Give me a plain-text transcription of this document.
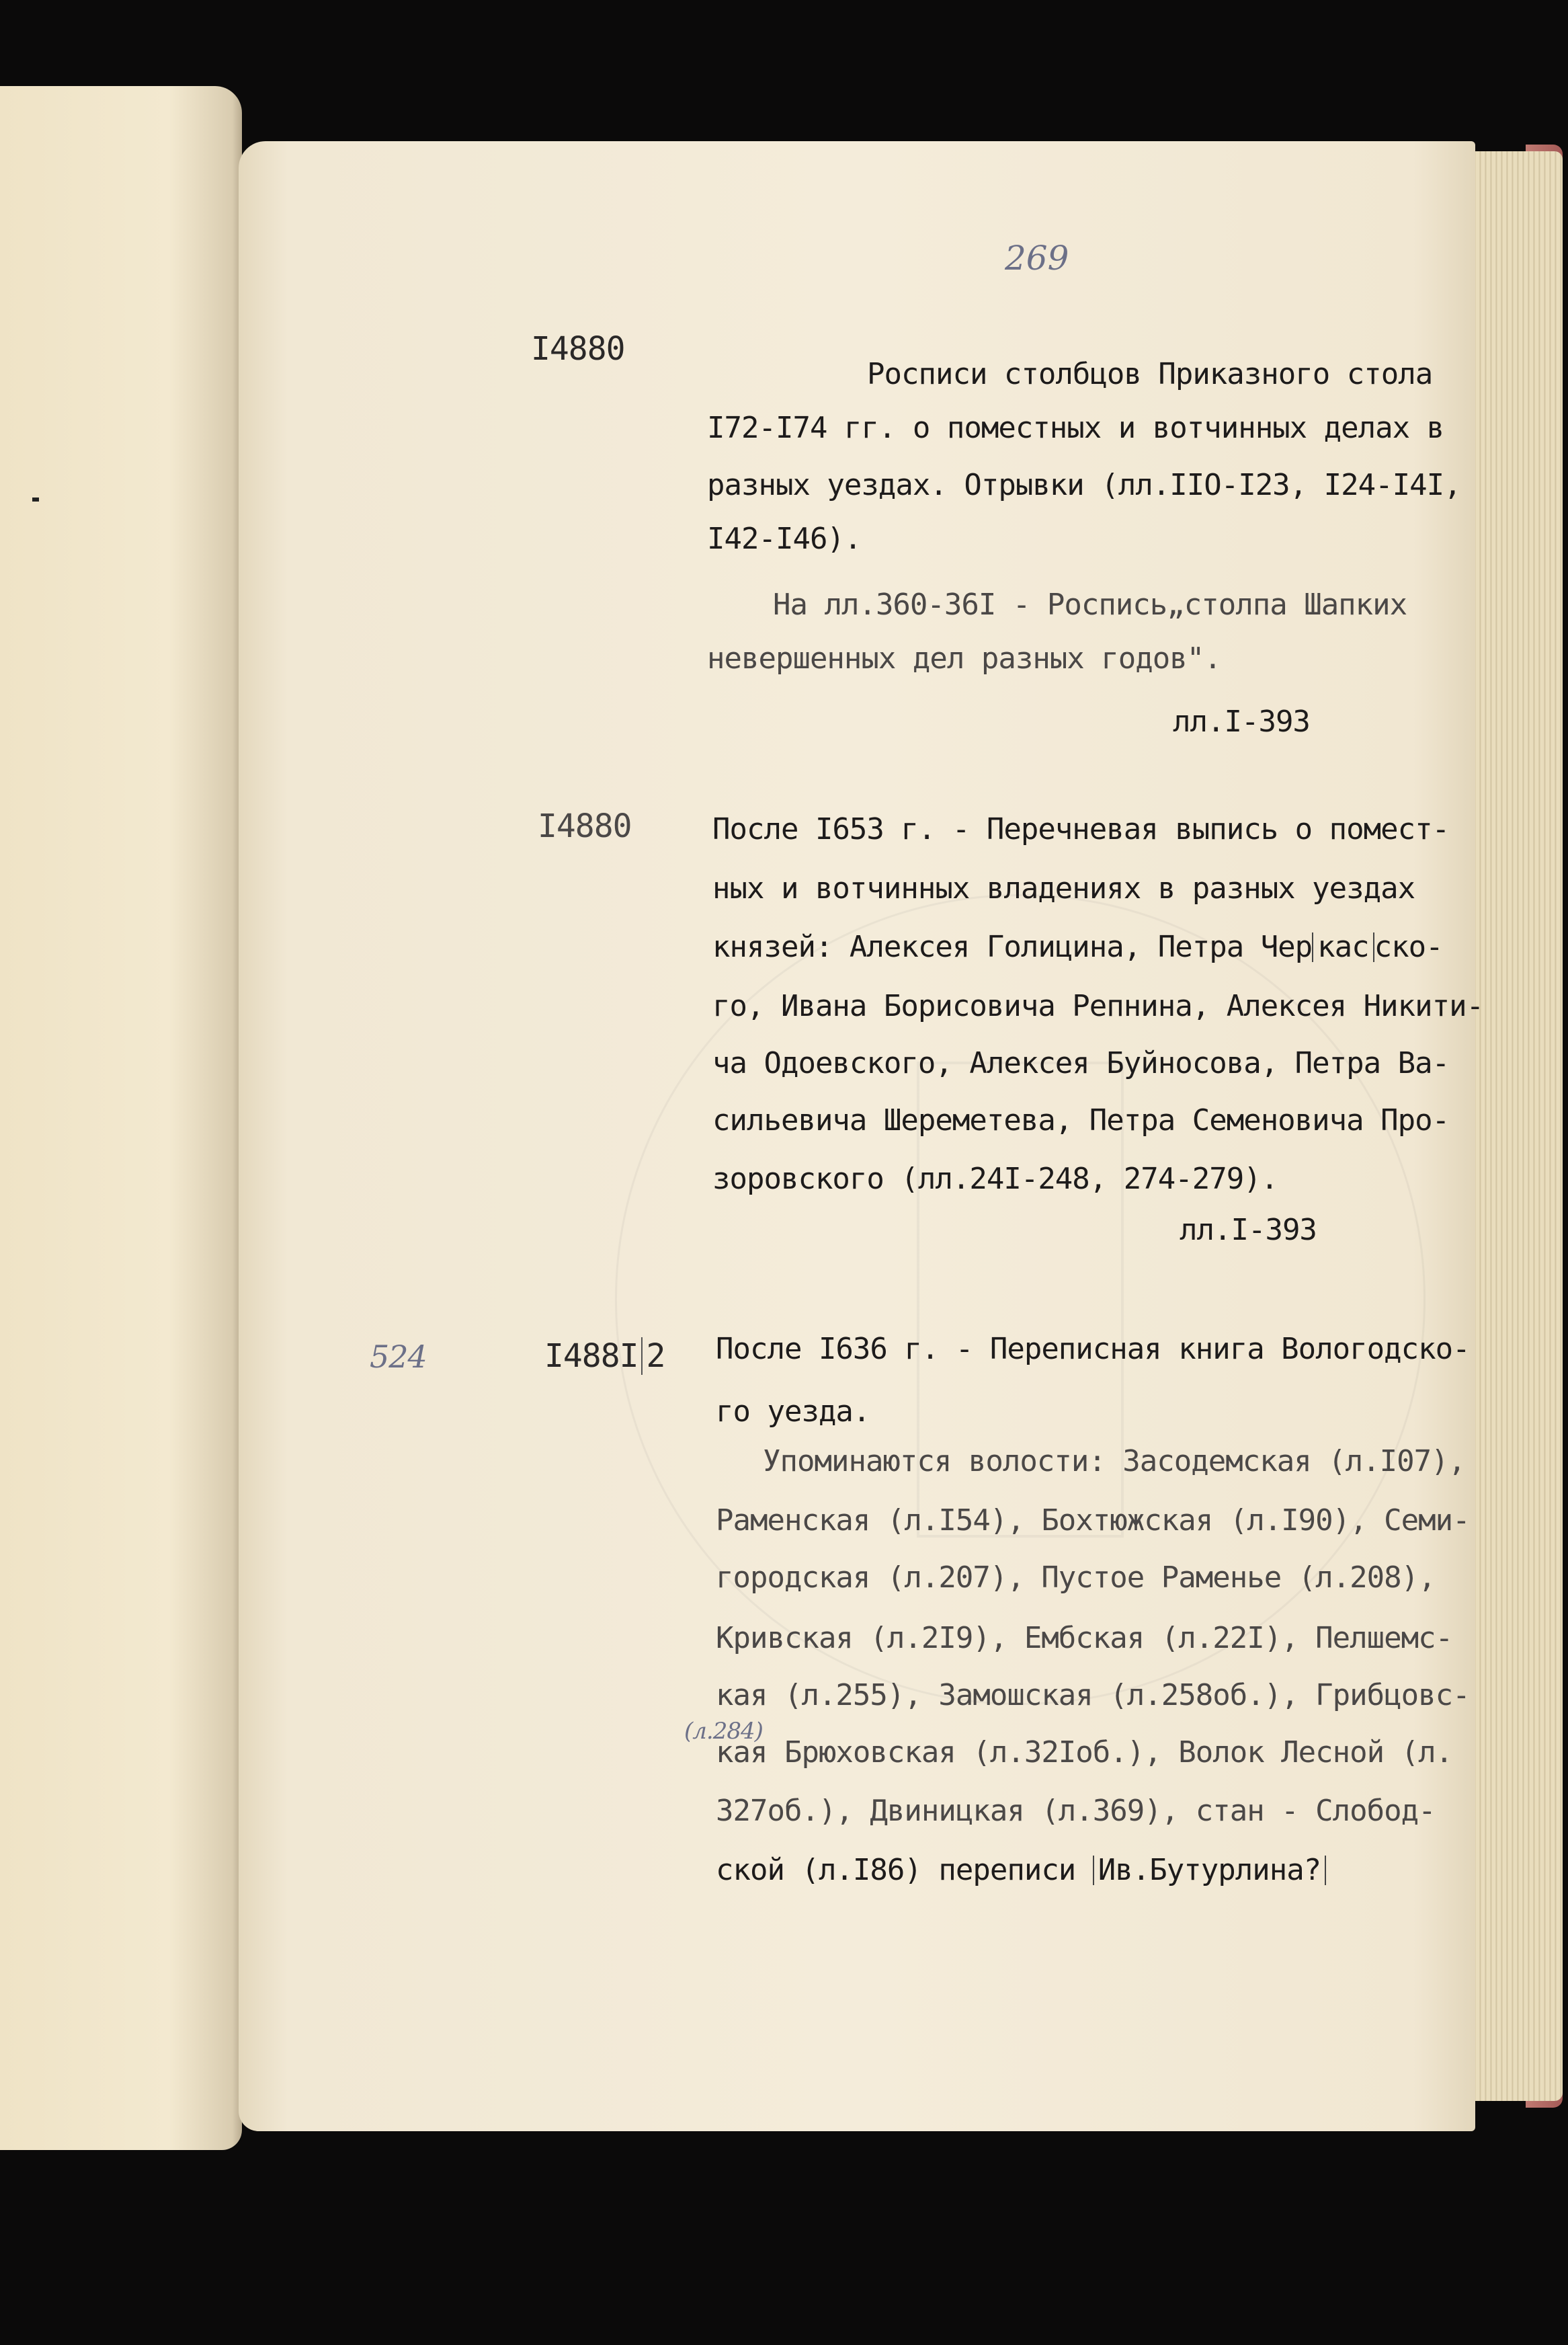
269
I4880
Росписи столбцов Приказного стола
I72-I74 гг. о поместных и вотчинных делах в
разных уездах. Отрывки (лл.IIO-I23, I24-I4I,
I42-I46).
На лл.360-36I - Роспись„столпа Шапких
невершенных дел разных годов".
лл.I-393
I4880	После I653 г. - Перечневая выпись о помест-
ных и вотчинных владениях в разных уездах
князей: Алексея Голицина, Петра Чер кас ско-
го, Ивана Борисовича Репнина, Алексея Никити-
ча Одоевского, Алексея Буйносова, Петра Ва-
сильевича Шереметева, Петра Семеновича Про-
зоровского (лл.24I-248, 274-279).
лл.I-393
524	I488I 2 После I636 г. - Переписная книга Вологодско-
го уезда.
Упоминаются волости: Засодемская (л.I07),
Раменская (л.I54), Бохтюжская (л.I90), Семи-
городская (л.207), Пустое Раменье (л.208),
Кривская (л.2I9), Ембская (л.22I), Пелшемс-
кая (л.255), Замошская (л.258об.), Грибцовс-
(л.284)
кая Брюховская (л.32Iоб.), Волок Лесной (л.
327об.), Двиницкая (л.369), стан - Слобод-
ской (л.I86) переписи Ив.Бутурлина?
